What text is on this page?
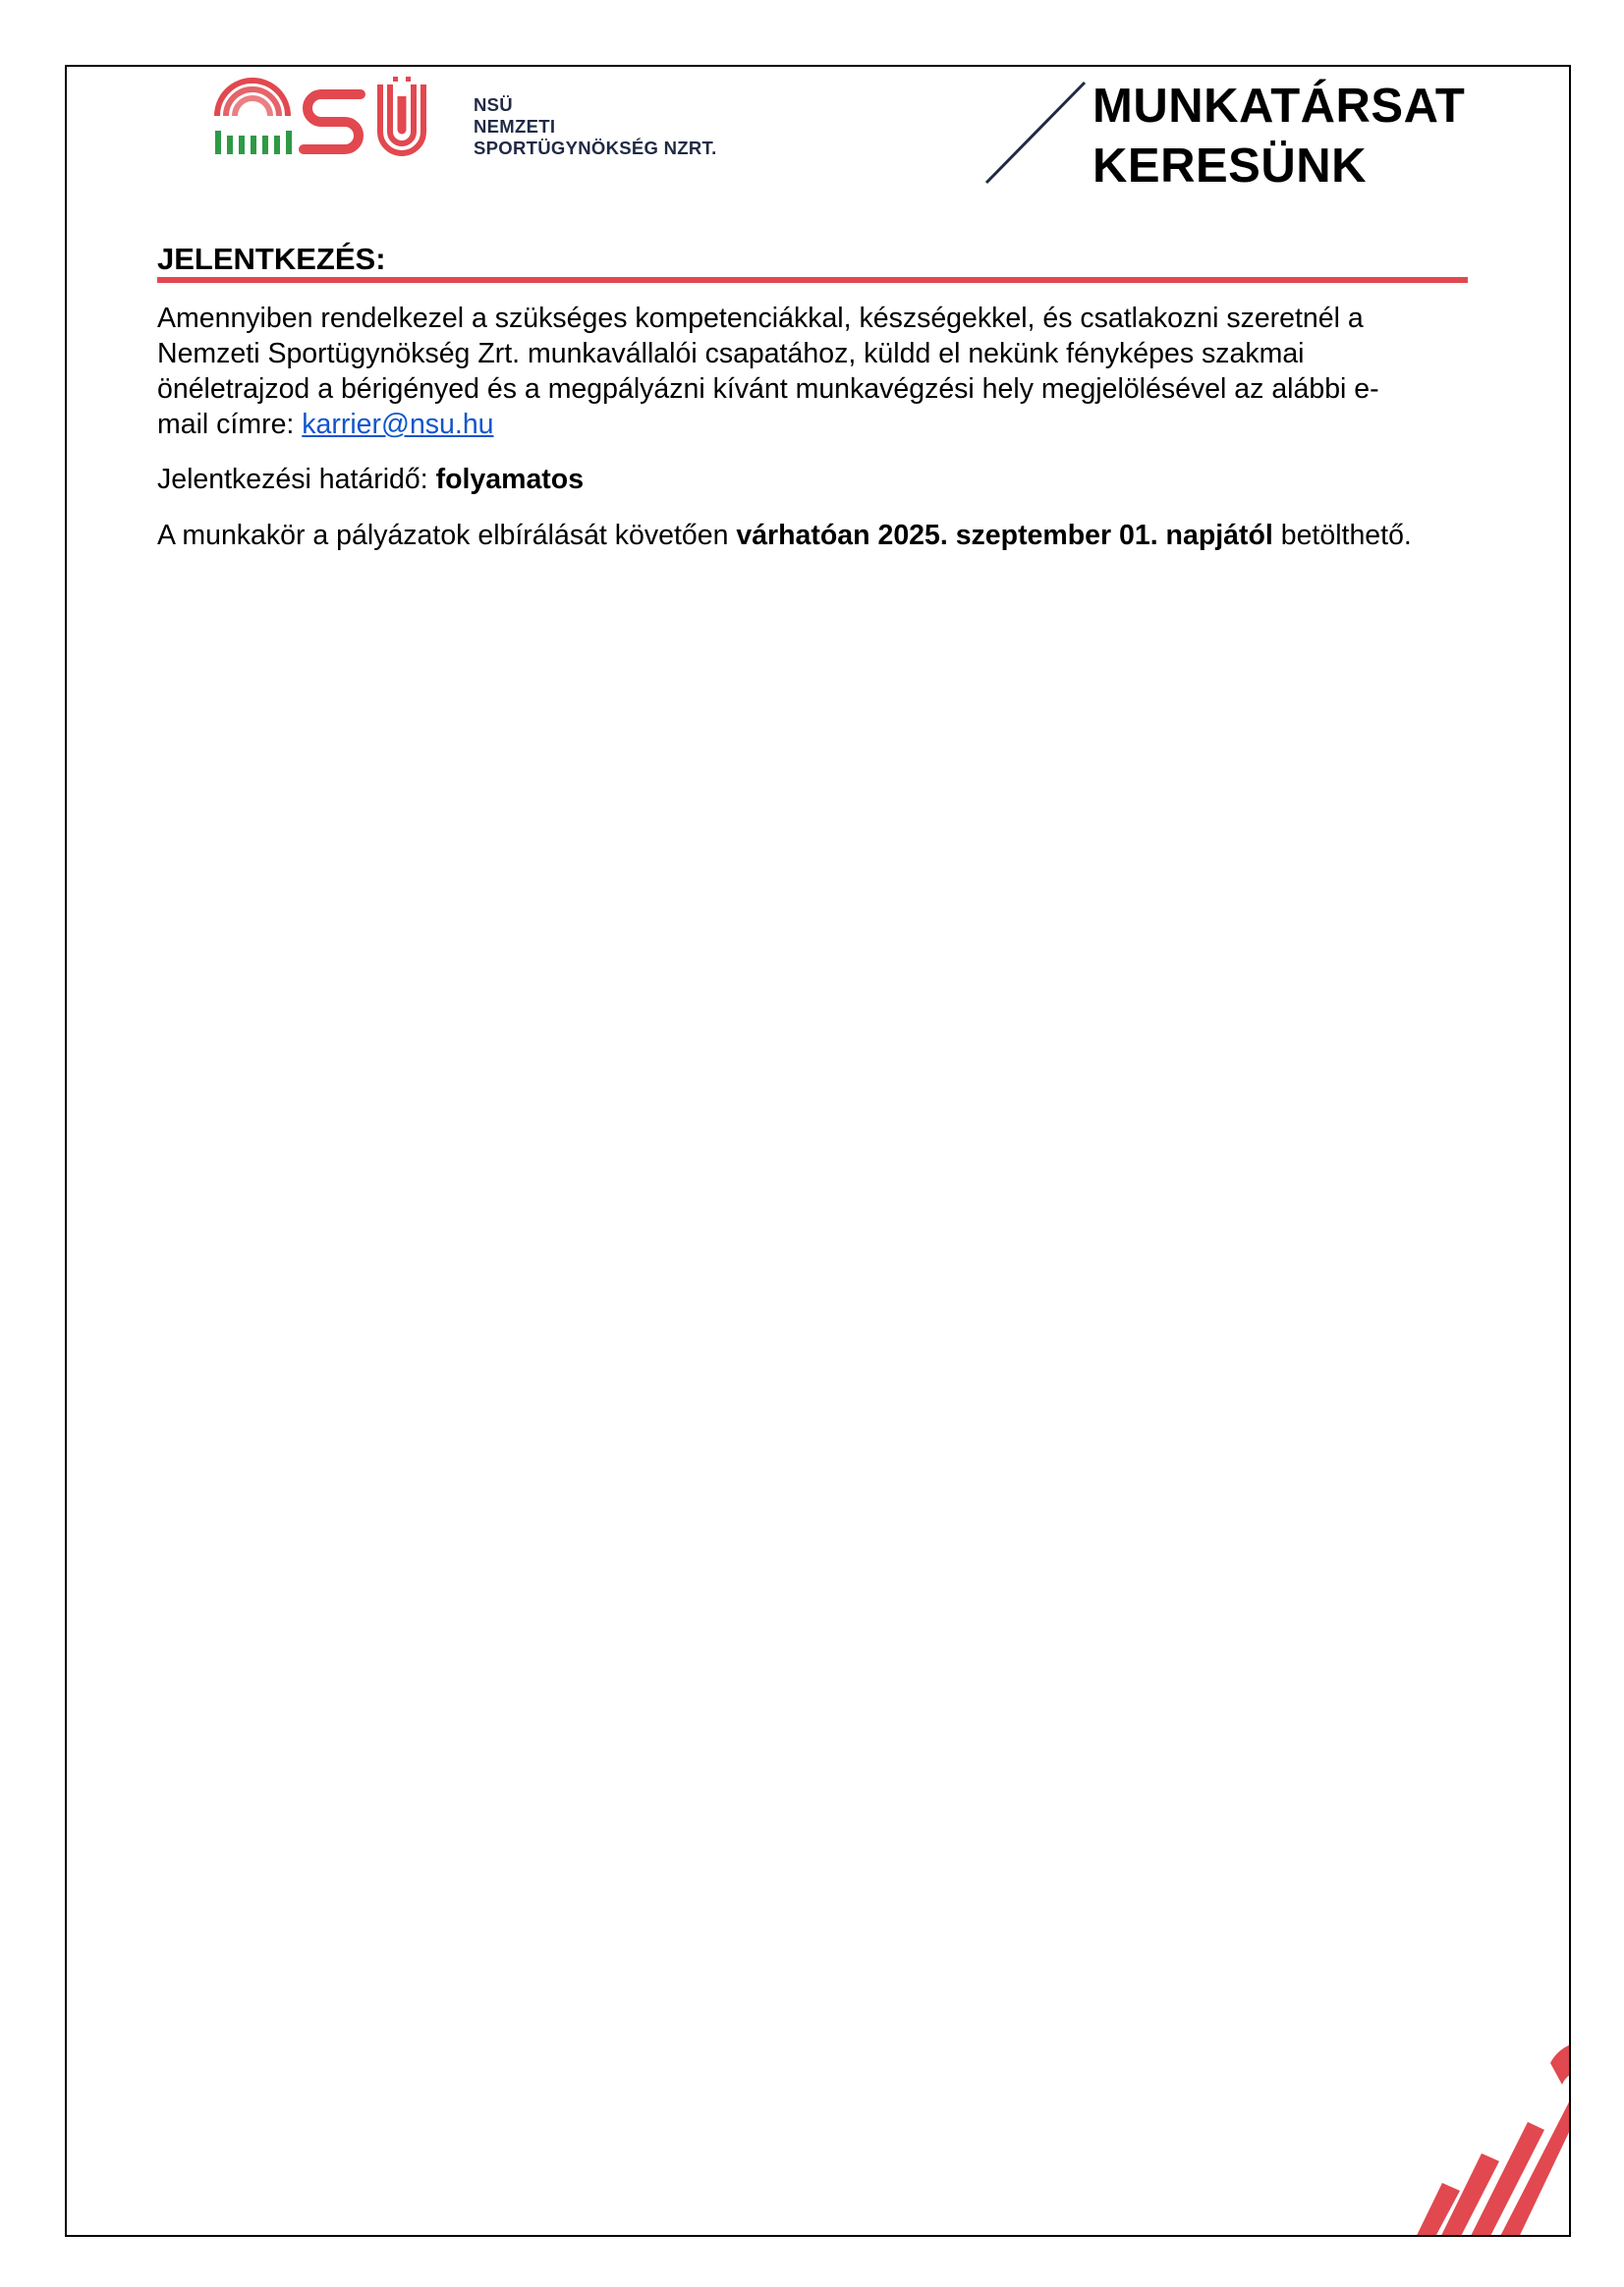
NSÜ
NEMZETI
SPORTÜGYNÖKSÉG NZRT.
MUNKATÁRSAT
KERESÜNK
JELENTKEZÉS:
Amennyiben rendelkezel a szükséges kompetenciákkal, készségekkel, és csatlakozni szeretnél a
Nemzeti Sportügynökség Zrt. munkavállalói csapatához, küldd el nekünk fényképes szakmai
önéletrajzod a bérigényed és a megpályázni kívánt munkavégzési hely megjelölésével az alábbi e-
mail címre: karrier@nsu.hu
Jelentkezési határidő: folyamatos
A munkakör a pályázatok elbírálását követően várhatóan 2025. szeptember 01. napjától betölthető.
